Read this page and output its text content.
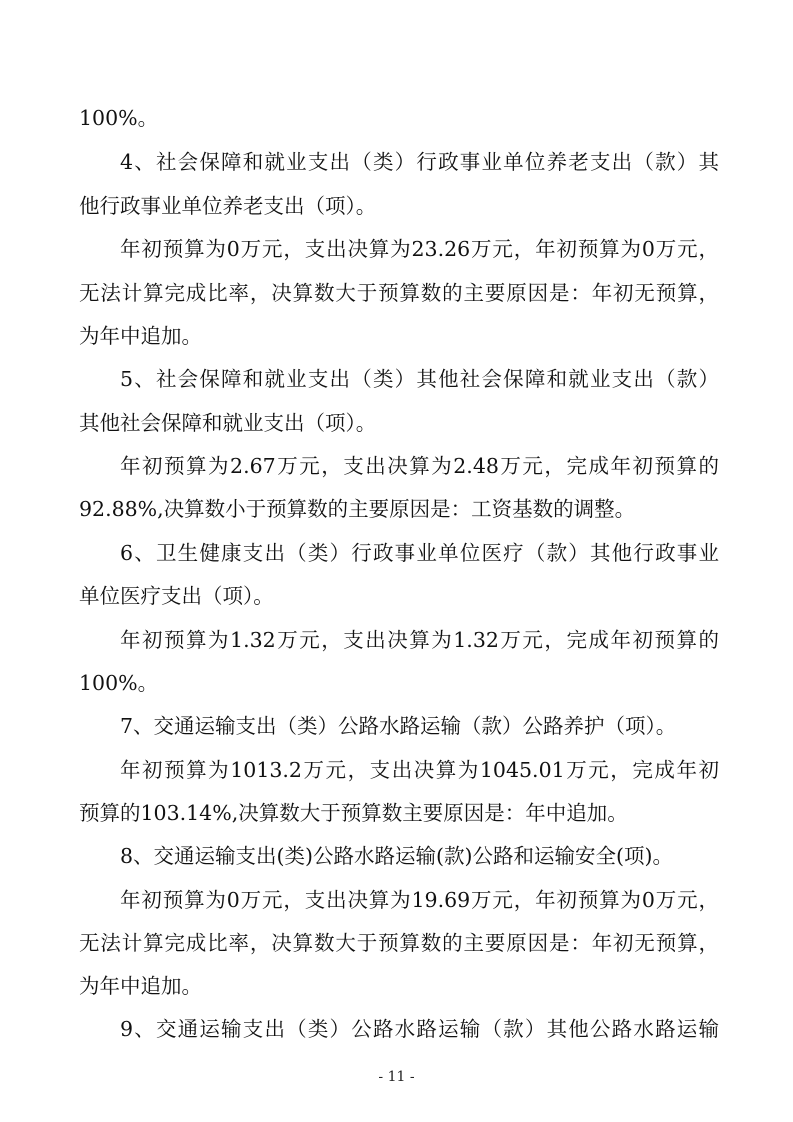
100%。
4、社会保障和就业支出（类）行政事业单位养老支出（款）其
他行政事业单位养老支出（项）。
年初预算为0万元，支出决算为23.26万元，年初预算为0万元，
无法计算完成比率，决算数大于预算数的主要原因是：年初无预算，
为年中追加。
5、社会保障和就业支出（类）其他社会保障和就业支出（款）
其他社会保障和就业支出（项）。
年初预算为2.67万元，支出决算为2.48万元，完成年初预算的
92.88%,决算数小于预算数的主要原因是：工资基数的调整。
6、卫生健康支出（类）行政事业单位医疗（款）其他行政事业
单位医疗支出（项）。
年初预算为1.32万元，支出决算为1.32万元，完成年初预算的
100%。
7、交通运输支出（类）公路水路运输（款）公路养护（项）。
年初预算为1013.2万元，支出决算为1045.01万元，完成年初
预算的103.14%,决算数大于预算数主要原因是：年中追加。
8、交通运输支出(类)公路水路运输(款)公路和运输安全(项)。
年初预算为0万元，支出决算为19.69万元，年初预算为0万元，
无法计算完成比率，决算数大于预算数的主要原因是：年初无预算，
为年中追加。
9、交通运输支出（类）公路水路运输（款）其他公路水路运输
- 11 -
